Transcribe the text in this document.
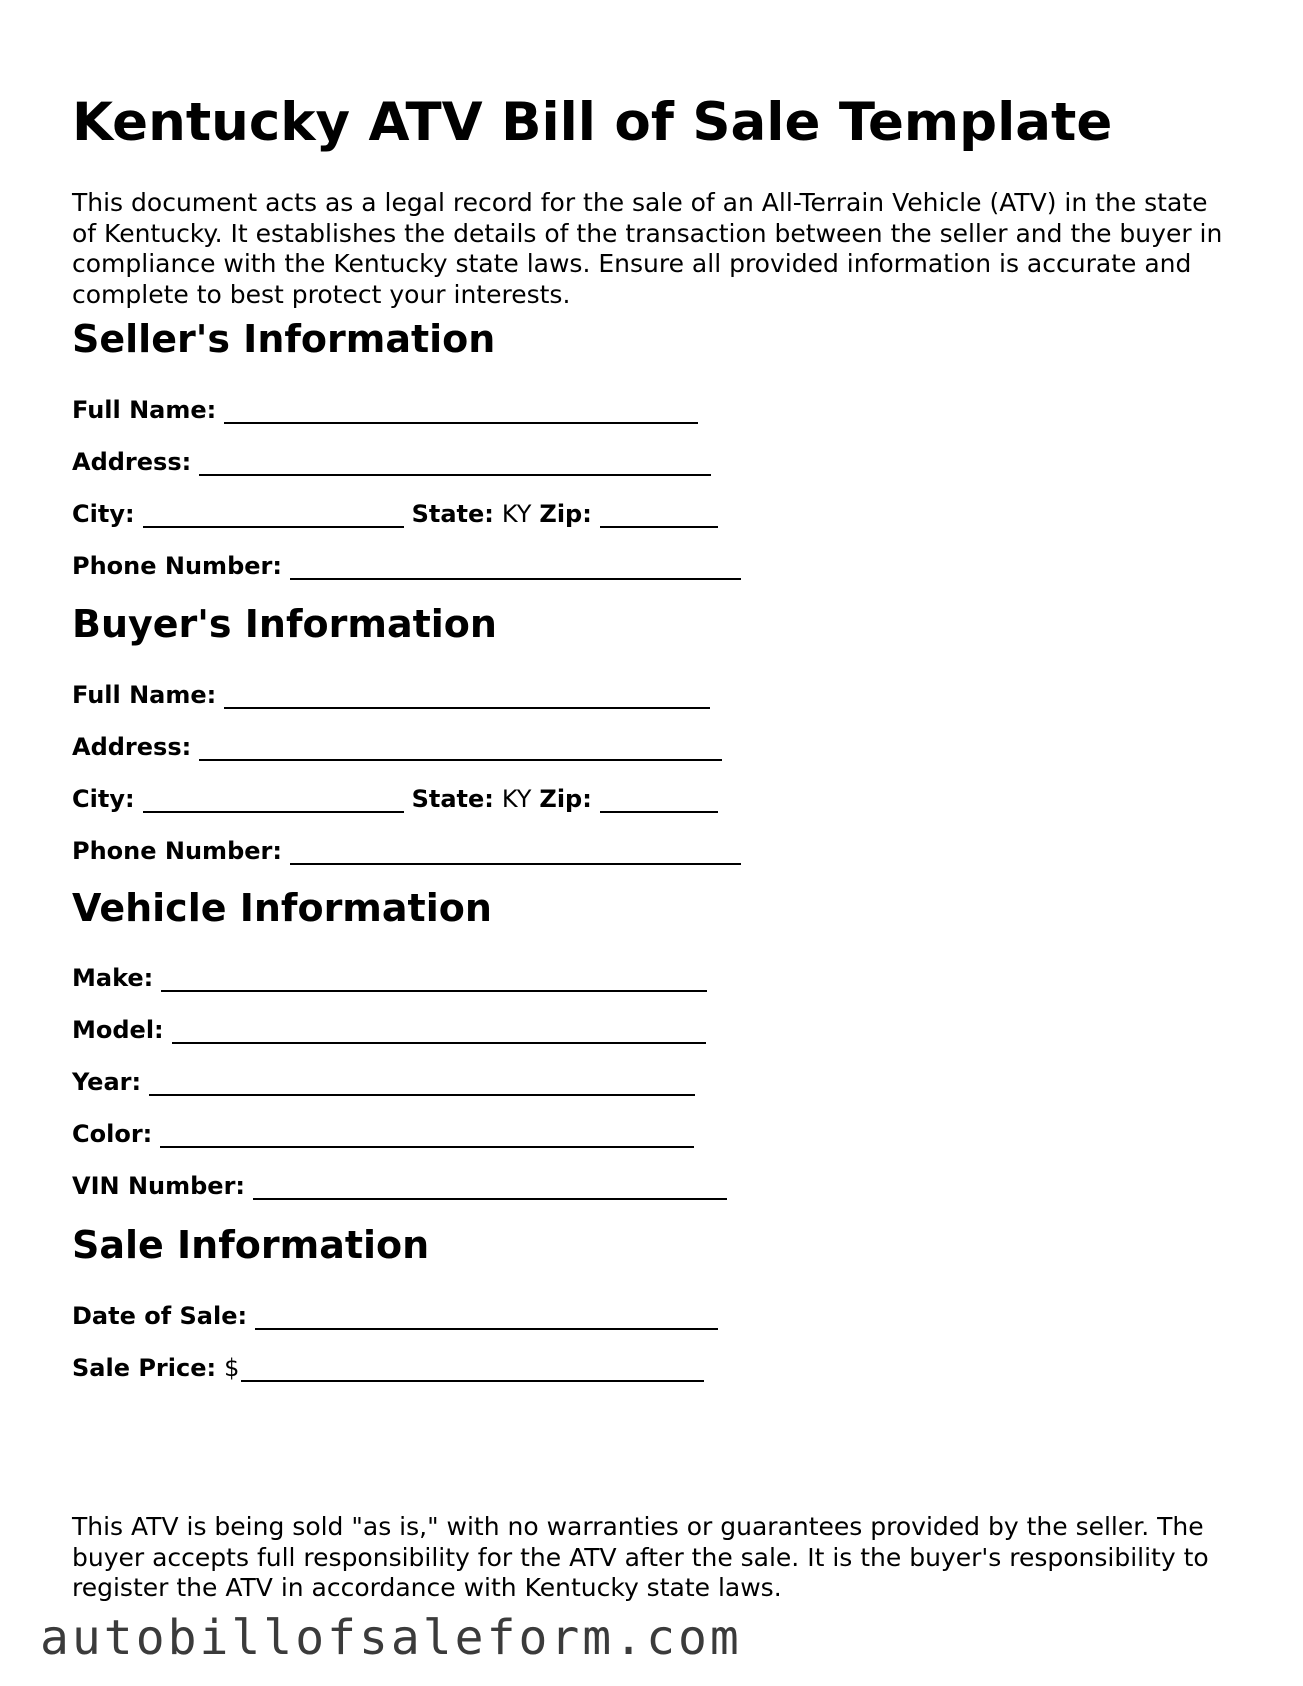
Kentucky ATV Bill of Sale Template

This document acts as a legal record for the sale of an All-Terrain Vehicle (ATV) in the state of Kentucky. It establishes the details of the transaction between the seller and the buyer in compliance with the Kentucky state laws. Ensure all provided information is accurate and complete to best protect your interests.

Seller's Information
Full Name:
Address:
City:	State: KY Zip:
Phone Number:
Buyer's Information
Full Name:
Address:
City:	State: KY Zip:
Phone Number:
Vehicle Information
Make:
Model:
Year:
Color:
VIN Number:
Sale Information
Date of Sale:
Sale Price: $

This ATV is being sold "as is," with no warranties or guarantees provided by the seller. The buyer accepts full responsibility for the ATV after the sale. It is the buyer's responsibility to register the ATV in accordance with Kentucky state laws.

autobillofsaleform.com
